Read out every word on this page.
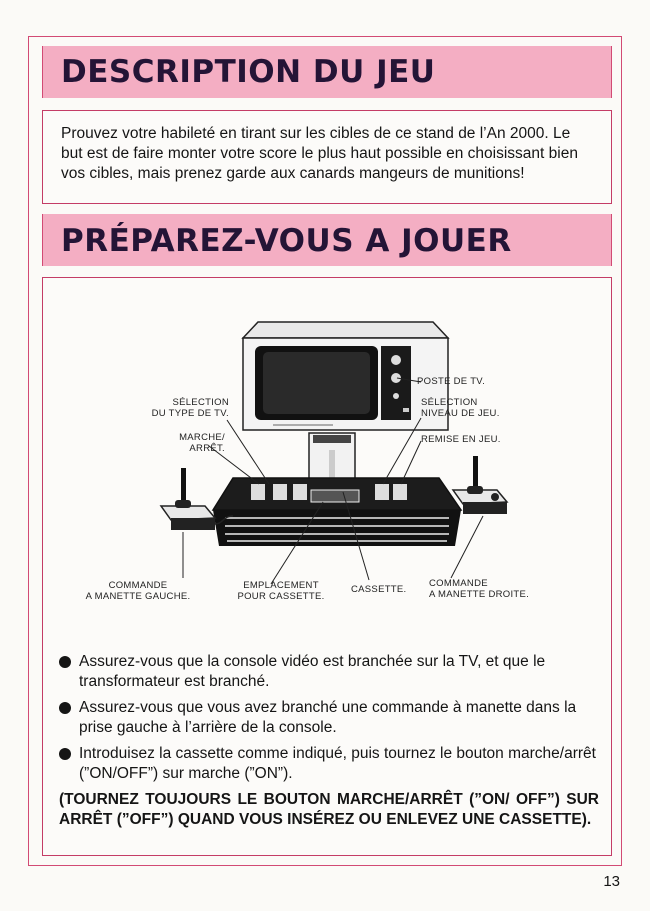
DESCRIPTION DU JEU

Prouvez votre habileté en tirant sur les cibles de ce stand de l’An 2000. Le but est de faire monter votre score le plus haut possible en choisissant bien vos cibles, mais prenez garde aux canards mangeurs de munitions!

PRÉPAREZ-VOUS A JOUER
POSTE DE TV.
SÉLECTION
DU TYPE DE TV.
SÉLECTION
NIVEAU DE JEU.
MARCHE/
ARRÊT.
REMISE EN JEU.
COMMANDE
A MANETTE GAUCHE.
EMPLACEMENT
POUR CASSETTE.
CASSETTE.
COMMANDE
A MANETTE DROITE.
Assurez-vous que la console vidéo est branchée sur la TV, et que le transformateur est branché.
Assurez-vous que vous avez branché une commande à manette dans la prise gauche à l’arrière de la console.
Introduisez la cassette comme indiqué, puis tournez le bouton marche/arrêt (”ON/OFF”) sur marche (”ON”).
(TOURNEZ TOUJOURS LE BOUTON MARCHE/ARRÊT (”ON/ OFF”) SUR ARRÊT (”OFF”) QUAND VOUS INSÉREZ OU ENLEVEZ UNE CASSETTE).
13
